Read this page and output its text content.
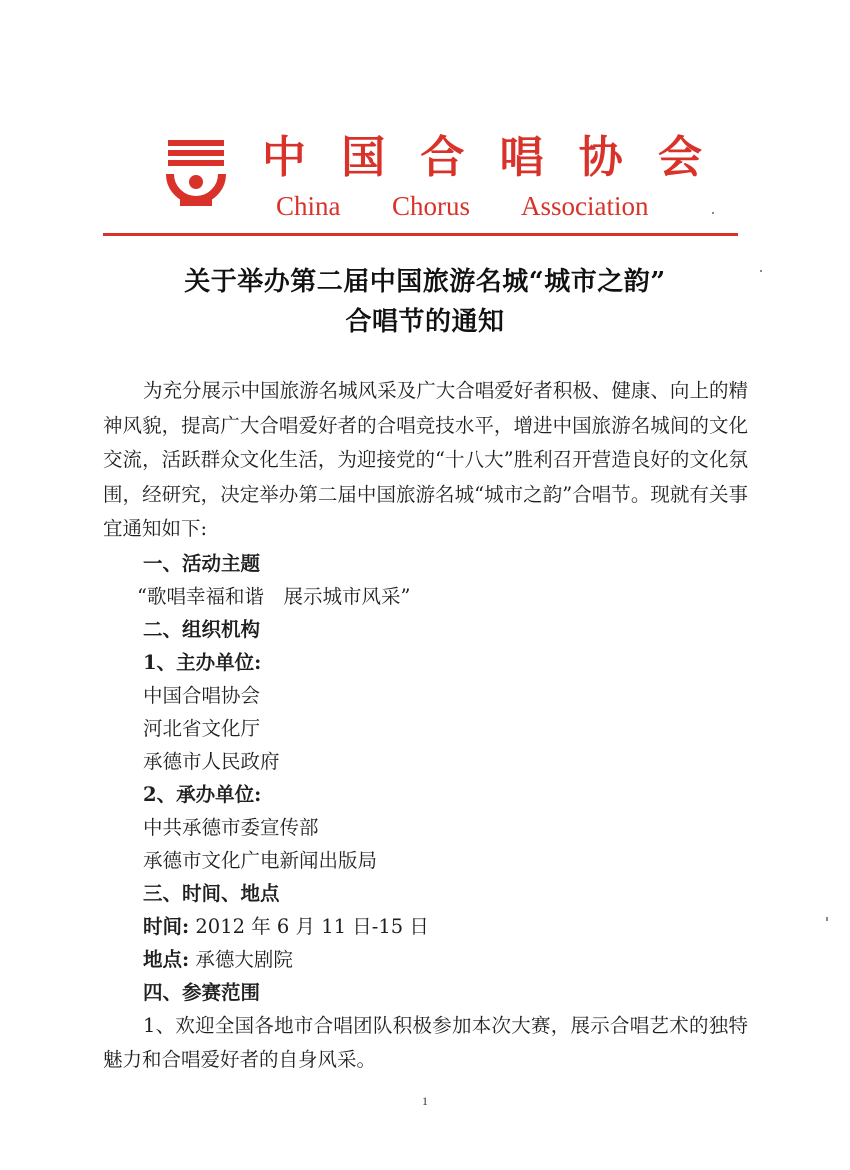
中 国 合 唱 协 会
China Chorus Association
关于举办第二届中国旅游名城“城市之韵”
合唱节的通知

为充分展示中国旅游名城风采及广大合唱爱好者积极、健康、向上的精神风貌，提高广大合唱爱好者的合唱竞技水平，增进中国旅游名城间的文化交流，活跃群众文化生活，为迎接党的“十八大”胜利召开营造良好的文化氛围，经研究，决定举办第二届中国旅游名城“城市之韵”合唱节。现就有关事宜通知如下:

一、活动主题
“歌唱幸福和谐　展示城市风采”
二、组织机构
1、主办单位:
中国合唱协会
河北省文化厅
承德市人民政府
2、承办单位:
中共承德市委宣传部
承德市文化广电新闻出版局
三、时间、地点
时间: 2012 年 6 月 11 日-15 日
地点: 承德大剧院
四、参赛范围

1、欢迎全国各地市合唱团队积极参加本次大赛，展示合唱艺术的独特魅力和合唱爱好者的自身风采。

1
